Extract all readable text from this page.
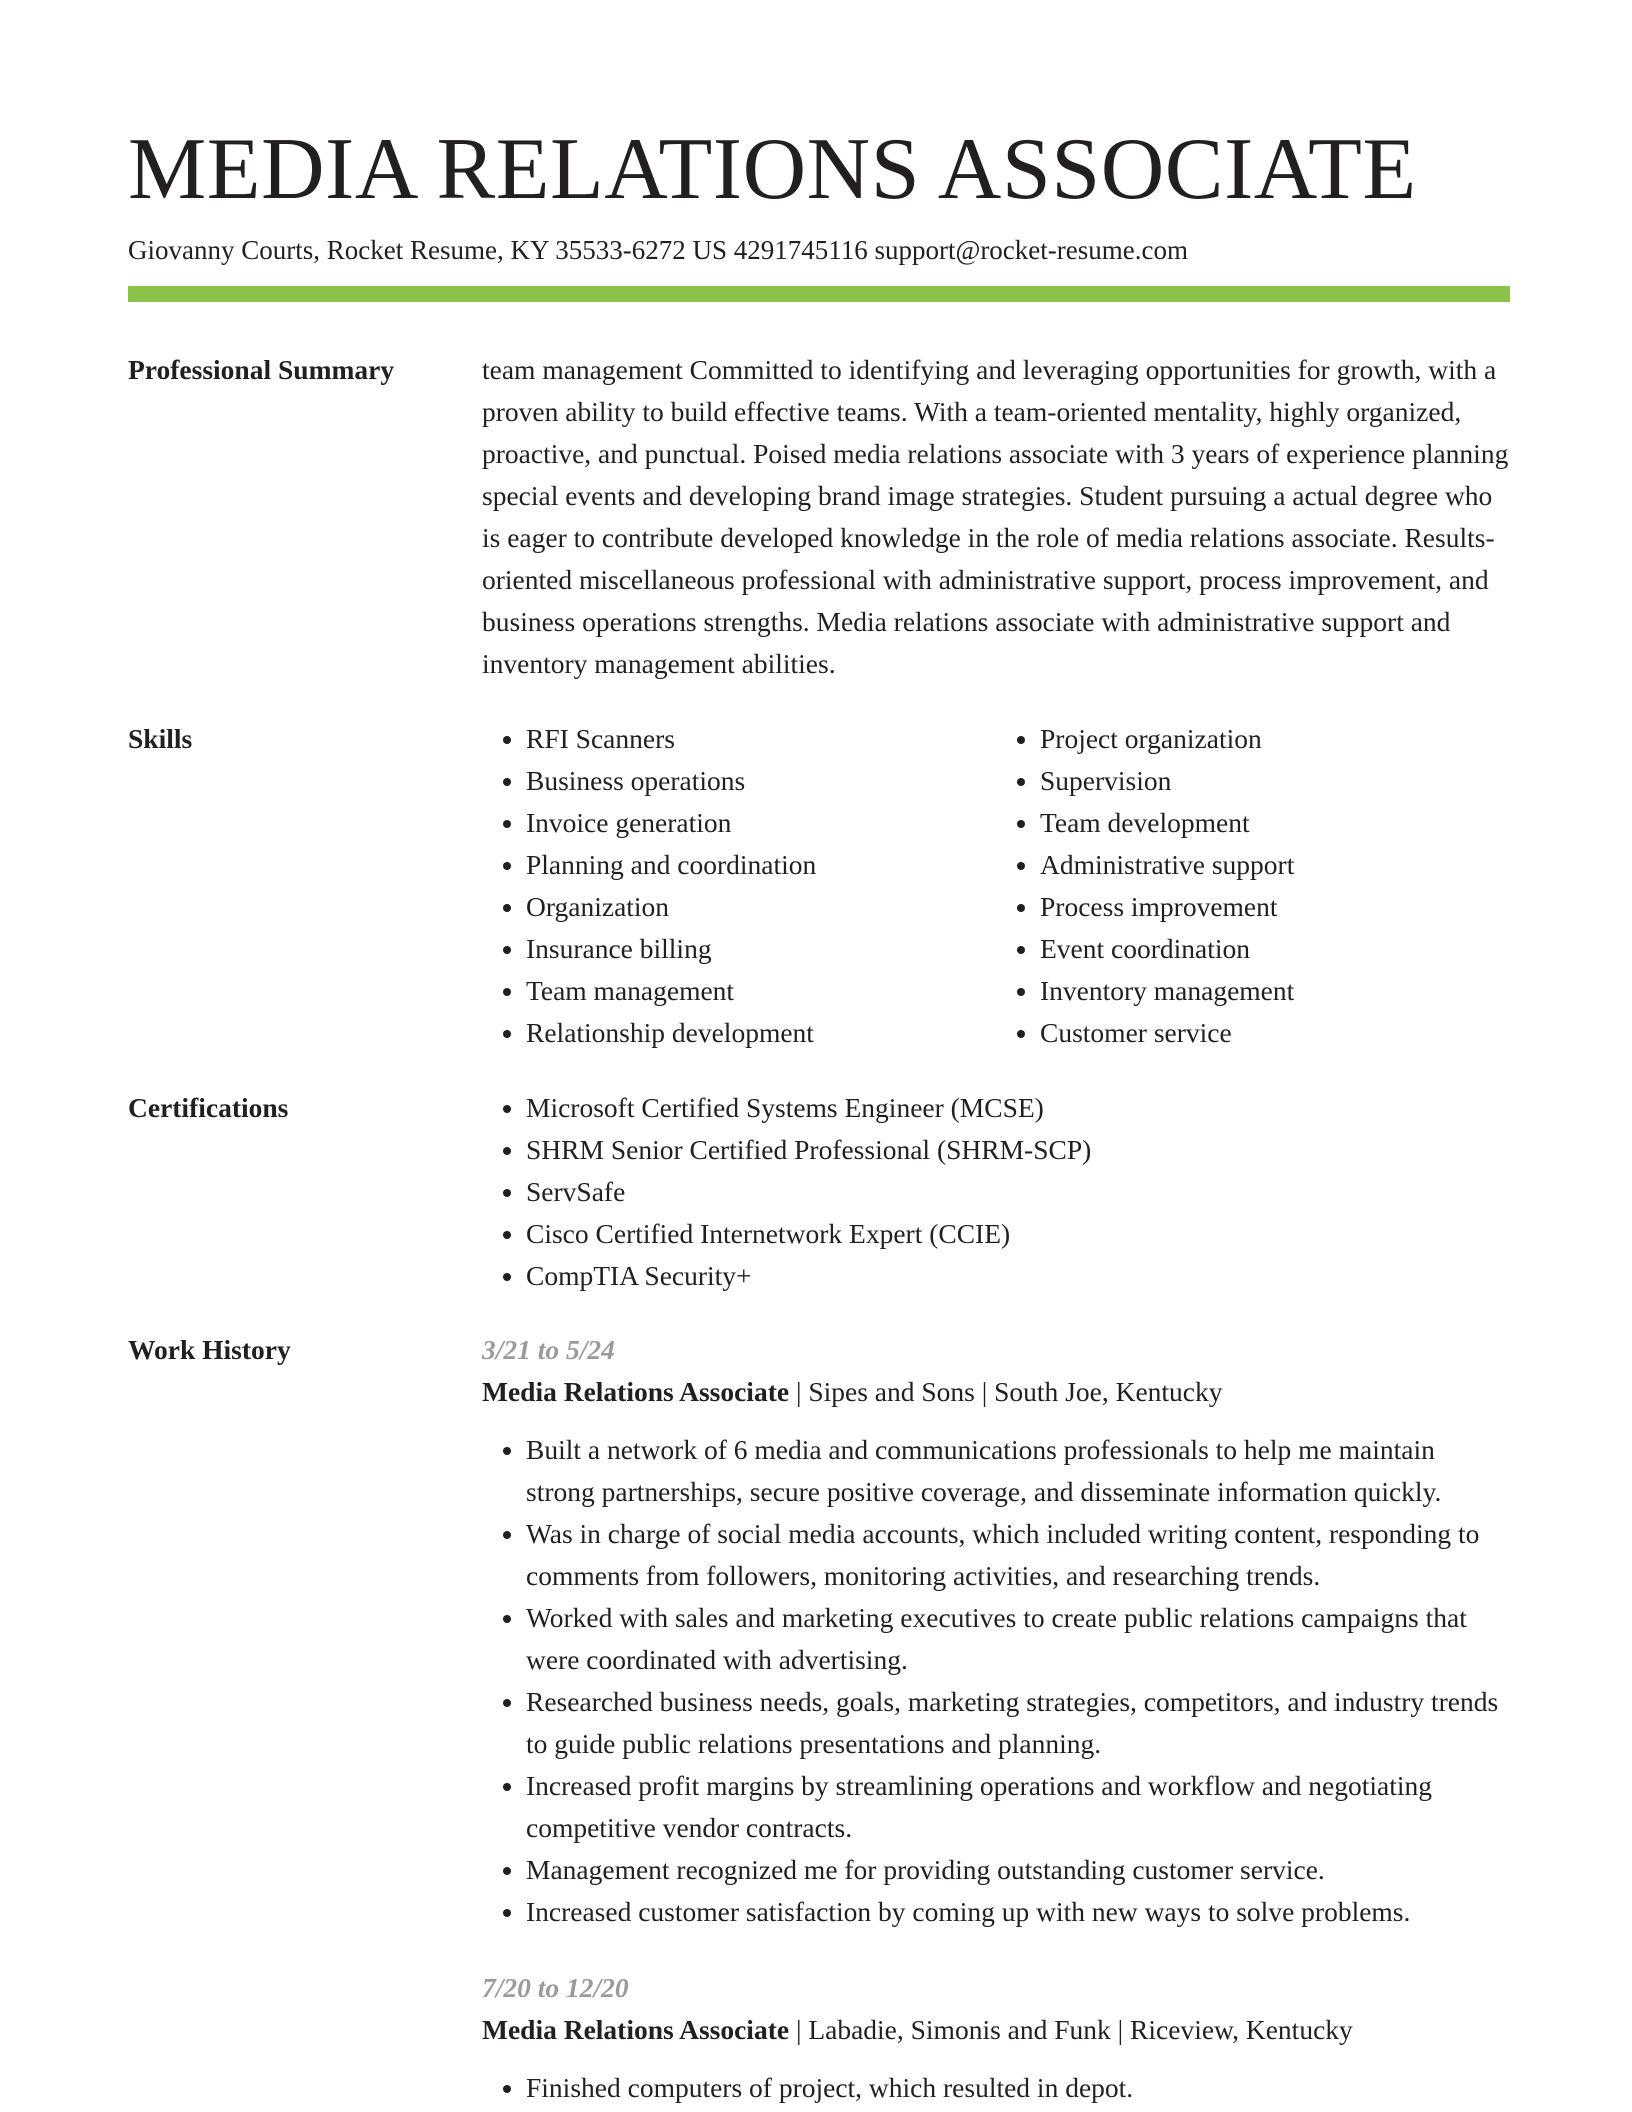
MEDIA RELATIONS ASSOCIATE
Giovanny Courts, Rocket Resume, KY 35533-6272 US 4291745116 support@rocket-resume.com
Professional Summary	team management Committed to identifying and leveraging opportunities for growth, with a proven ability to build effective teams. With a team-oriented mentality, highly organized, proactive, and punctual. Poised media relations associate with 3 years of experience planning special events and developing brand image strategies. Student pursuing a actual degree who is eager to contribute developed knowledge in the role of media relations associate. Results-oriented miscellaneous professional with administrative support, process improvement, and business operations strengths. Media relations associate with administrative support and inventory management abilities.

Skills	• RFI Scanners
• Business operations
• Invoice generation
• Planning and coordination
• Organization
• Insurance billing
• Team management
• Relationship development
• Project organization
• Supervision
• Team development
• Administrative support
• Process improvement
• Event coordination
• Inventory management
• Customer service
Certifications	• Microsoft Certified Systems Engineer (MCSE)
• SHRM Senior Certified Professional (SHRM-SCP)
• ServSafe
• Cisco Certified Internetwork Expert (CCIE)
• CompTIA Security+
Work History	3/21 to 5/24
Media Relations Associate | Sipes and Sons | South Joe, Kentucky
• Built a network of 6 media and communications professionals to help me maintain strong partnerships, secure positive coverage, and disseminate information quickly.
• Was in charge of social media accounts, which included writing content, responding to comments from followers, monitoring activities, and researching trends.
• Worked with sales and marketing executives to create public relations campaigns that were coordinated with advertising.
• Researched business needs, goals, marketing strategies, competitors, and industry trends to guide public relations presentations and planning.
• Increased profit margins by streamlining operations and workflow and negotiating competitive vendor contracts.
• Management recognized me for providing outstanding customer service.
• Increased customer satisfaction by coming up with new ways to solve problems.
7/20 to 12/20
Media Relations Associate | Labadie, Simonis and Funk | Riceview, Kentucky
• Finished computers of project, which resulted in depot.
